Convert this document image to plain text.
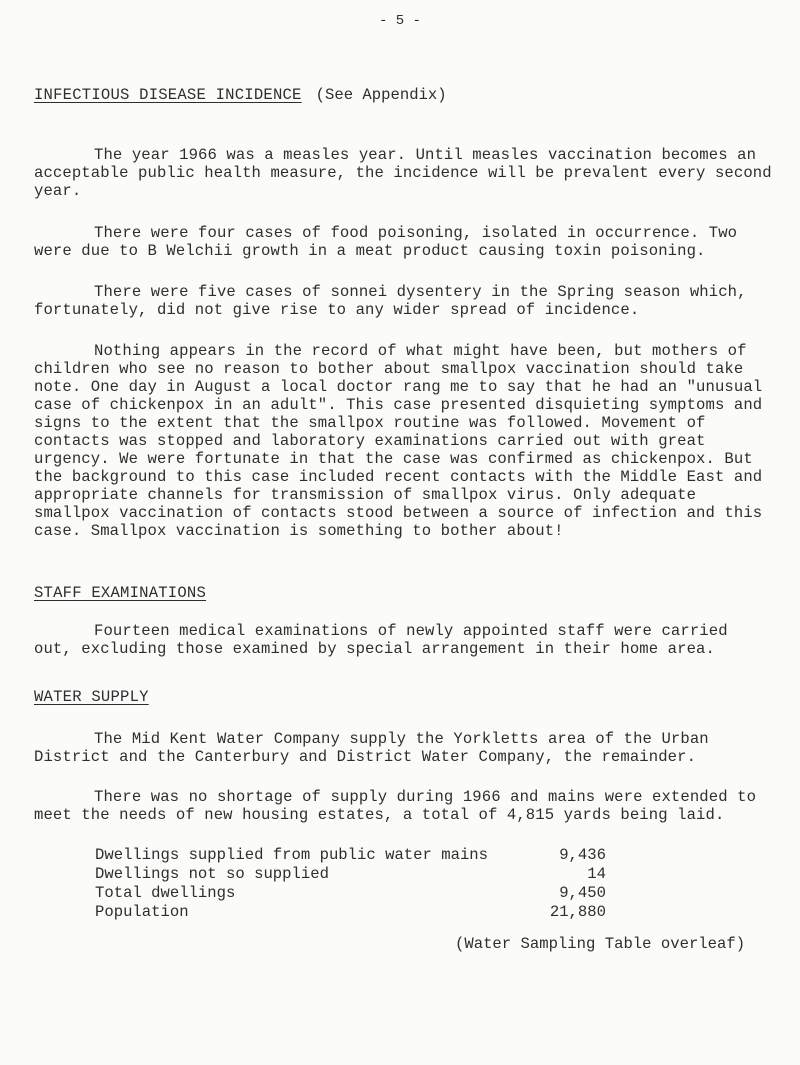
- 5 -
INFECTIOUS DISEASE INCIDENCE (See Appendix)

The year 1966 was a measles year. Until measles vaccination becomes an acceptable public health measure, the incidence will be prevalent every second year.

There were four cases of food poisoning, isolated in occurrence. Two were due to B Welchii growth in a meat product causing toxin poisoning.

There were five cases of sonnei dysentery in the Spring season which, fortunately, did not give rise to any wider spread of incidence.

Nothing appears in the record of what might have been, but mothers of children who see no reason to bother about smallpox vaccination should take note. One day in August a local doctor rang me to say that he had an "unusual case of chickenpox in an adult". This case presented disquieting symptoms and signs to the extent that the smallpox routine was followed. Movement of contacts was stopped and laboratory examinations carried out with great urgency. We were fortunate in that the case was confirmed as chickenpox. But the background to this case included recent contacts with the Middle East and appropriate channels for transmission of smallpox virus. Only adequate smallpox vaccination of contacts stood between a source of infection and this case. Smallpox vaccination is something to bother about!

STAFF EXAMINATIONS

Fourteen medical examinations of newly appointed staff were carried out, excluding those examined by special arrangement in their home area.

WATER SUPPLY

The Mid Kent Water Company supply the Yorkletts area of the Urban District and the Canterbury and District Water Company, the remainder.

There was no shortage of supply during 1966 and mains were extended to meet the needs of new housing estates, a total of 4,815 yards being laid.

Dwellings supplied from public water mains	9,436
Dwellings not so supplied	14
Total dwellings	9,450
Population	21,880
(Water Sampling Table overleaf)
